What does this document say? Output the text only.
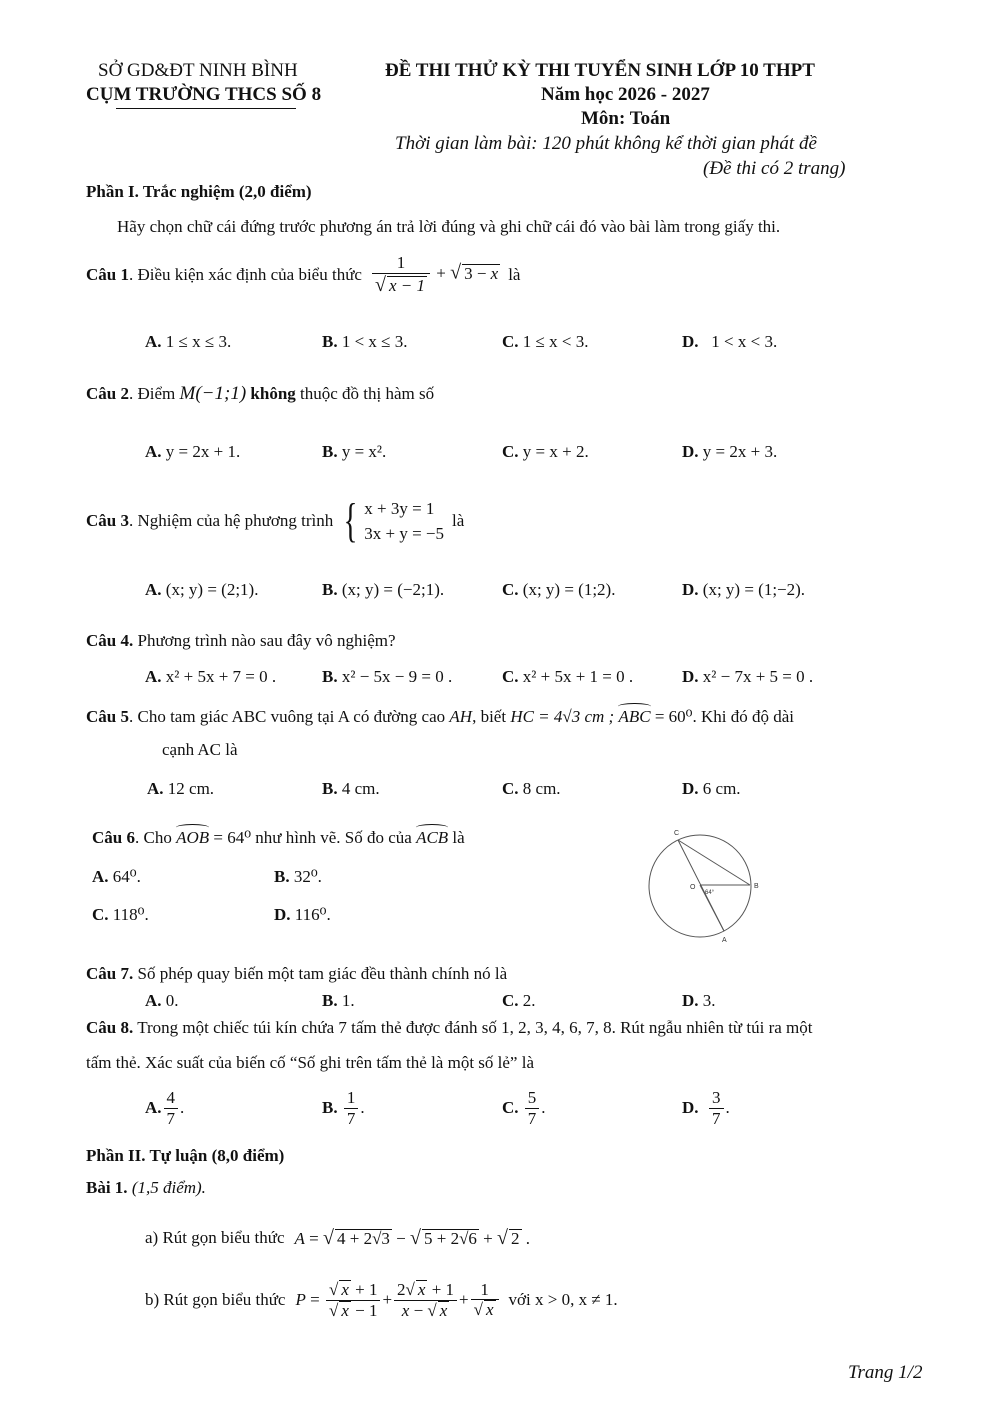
SỞ GD&ĐT NINH BÌNH
CỤM TRƯỜNG THCS SỐ 8
ĐỀ THI THỬ KỲ THI TUYỂN SINH LỚP 10 THPT
Năm học 2026 - 2027
Môn: Toán
Thời gian làm bài: 120 phút không kể thời gian phát đề
(Đề thi có 2 trang)
Phần I. Trắc nghiệm (2,0 điểm)
Hãy chọn chữ cái đứng trước phương án trả lời đúng và ghi chữ cái đó vào bài làm trong giấy thi.
Câu 1 . Điều kiện xác định của biểu thức $\frac{1}{√ x - 1}$ + √ 3 − x là
A. 1 ≤ x ≤ 3.	B. 1 < x ≤ 3.	C. 1 ≤ x < 3.	D. 1 < x < 3.
Câu 2. Điểm M(−1;1) không thuộc đồ thị hàm số
A. y = 2x + 1.	B. y = x².	C. y = x + 2.	D. y = 2x + 3.
Câu 3 . Nghiệm của hệ phương trình { x + 3y = 1
3x + y = −5
là
A. (x; y) = (2;1).	B. (x; y) = (−2;1).	C. (x; y) = (1;2).	D. (x; y) = (1;−2).
Câu 4. Phương trình nào sau đây vô nghiệm?
A. x² + 5x + 7 = 0 .	B. x² − 5x − 9 = 0 .	C. x² + 5x + 1 = 0 .	D. x² − 7x + 5 = 0 .
Câu 5. Cho tam giác ABC vuông tại A có đường cao AH, biết HC = 4√3 cm ; ABC = 60⁰. Khi đó độ dài
cạnh AC là
A. 12 cm.	B. 4 cm.	C. 8 cm.	D. 6 cm.
Câu 6. Cho AOB = 64⁰ như hình vẽ. Số đo của ACB là
A. 64⁰.	B. 32⁰.
C. 118⁰.	D. 116⁰.
C
O	B
A
64°
Câu 7. Số phép quay biến một tam giác đều thành chính nó là
A. 0.	B. 1.	C. 2.	D. 3.
Câu 8. Trong một chiếc túi kín chứa 7 tấm thẻ được đánh số 1, 2, 3, 4, 6, 7, 8. Rút ngẫu nhiên từ túi ra một
tấm thẻ. Xác suất của biến cố “Số ghi trên tấm thẻ là một số lẻ” là
A. $\frac{4}{7}$ .	B.
$\frac{1}{7}$ .	C.
$\frac{5}{7}$ .	D.
$\frac{3}{7}$ .
Phần II. Tự luận (8,0 điểm)
Bài 1. (1,5 điểm).
a) Rút gọn biểu thức A = √ 4 + 2√3 − √ 5 + 2√6 + √ 2 .
b) Rút gọn biểu thức $P = \frac{√ x + 1}{√ x - 1} + \frac{2√ x + 1}{x - √ x} + \frac{1}{√ x}$ với x > 0, x ≠ 1.
Trang 1/2
